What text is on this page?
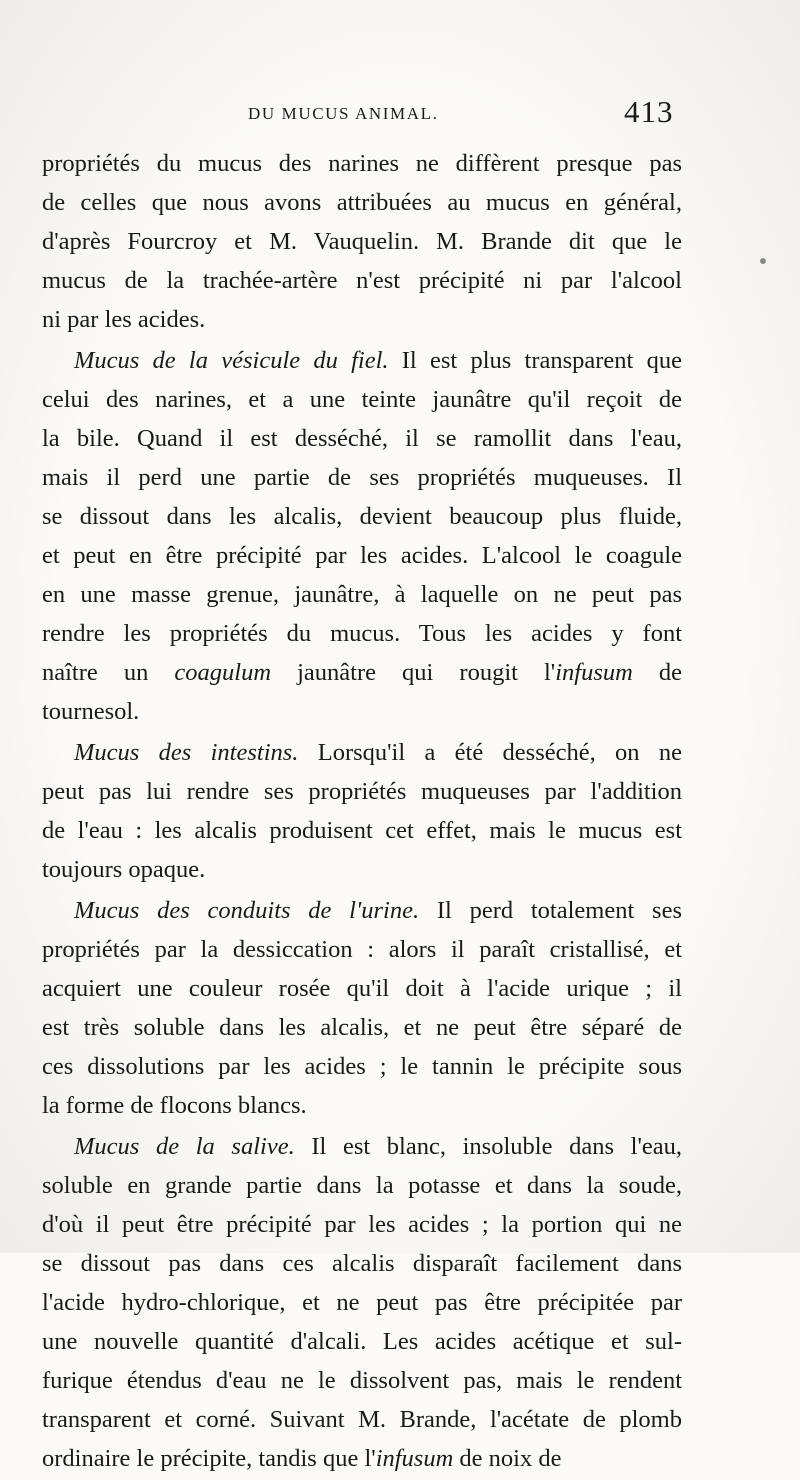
DU MUCUS ANIMAL.	413
propriétés du mucus des narines ne diffèrent presque pas
de celles que nous avons attribuées au mucus en général,
d'après Fourcroy et M. Vauquelin. M. Brande dit que le
mucus de la trachée-artère n'est précipité ni par l'alcool
ni par les acides.
Mucus de la vésicule du fiel. Il est plus transparent que
celui des narines, et a une teinte jaunâtre qu'il reçoit de
la bile. Quand il est desséché, il se ramollit dans l'eau,
mais il perd une partie de ses propriétés muqueuses. Il
se dissout dans les alcalis, devient beaucoup plus fluide,
et peut en être précipité par les acides. L'alcool le coagule
en une masse grenue, jaunâtre, à laquelle on ne peut pas
rendre les propriétés du mucus. Tous les acides y font
naître un coagulum jaunâtre qui rougit l'infusum de
tournesol.
Mucus des intestins. Lorsqu'il a été desséché, on ne
peut pas lui rendre ses propriétés muqueuses par l'addition
de l'eau : les alcalis produisent cet effet, mais le mucus est
toujours opaque.
Mucus des conduits de l'urine. Il perd totalement ses
propriétés par la dessiccation : alors il paraît cristallisé, et
acquiert une couleur rosée qu'il doit à l'acide urique ; il
est très soluble dans les alcalis, et ne peut être séparé de
ces dissolutions par les acides ; le tannin le précipite sous
la forme de flocons blancs.
Mucus de la salive. Il est blanc, insoluble dans l'eau,
soluble en grande partie dans la potasse et dans la soude,
d'où il peut être précipité par les acides ; la portion qui ne
se dissout pas dans ces alcalis disparaît facilement dans
l'acide hydro-chlorique, et ne peut pas être précipitée par
une nouvelle quantité d'alcali. Les acides acétique et sul-
furique étendus d'eau ne le dissolvent pas, mais le rendent
transparent et corné. Suivant M. Brande, l'acétate de plomb
ordinaire le précipite, tandis que l'infusum de noix de
